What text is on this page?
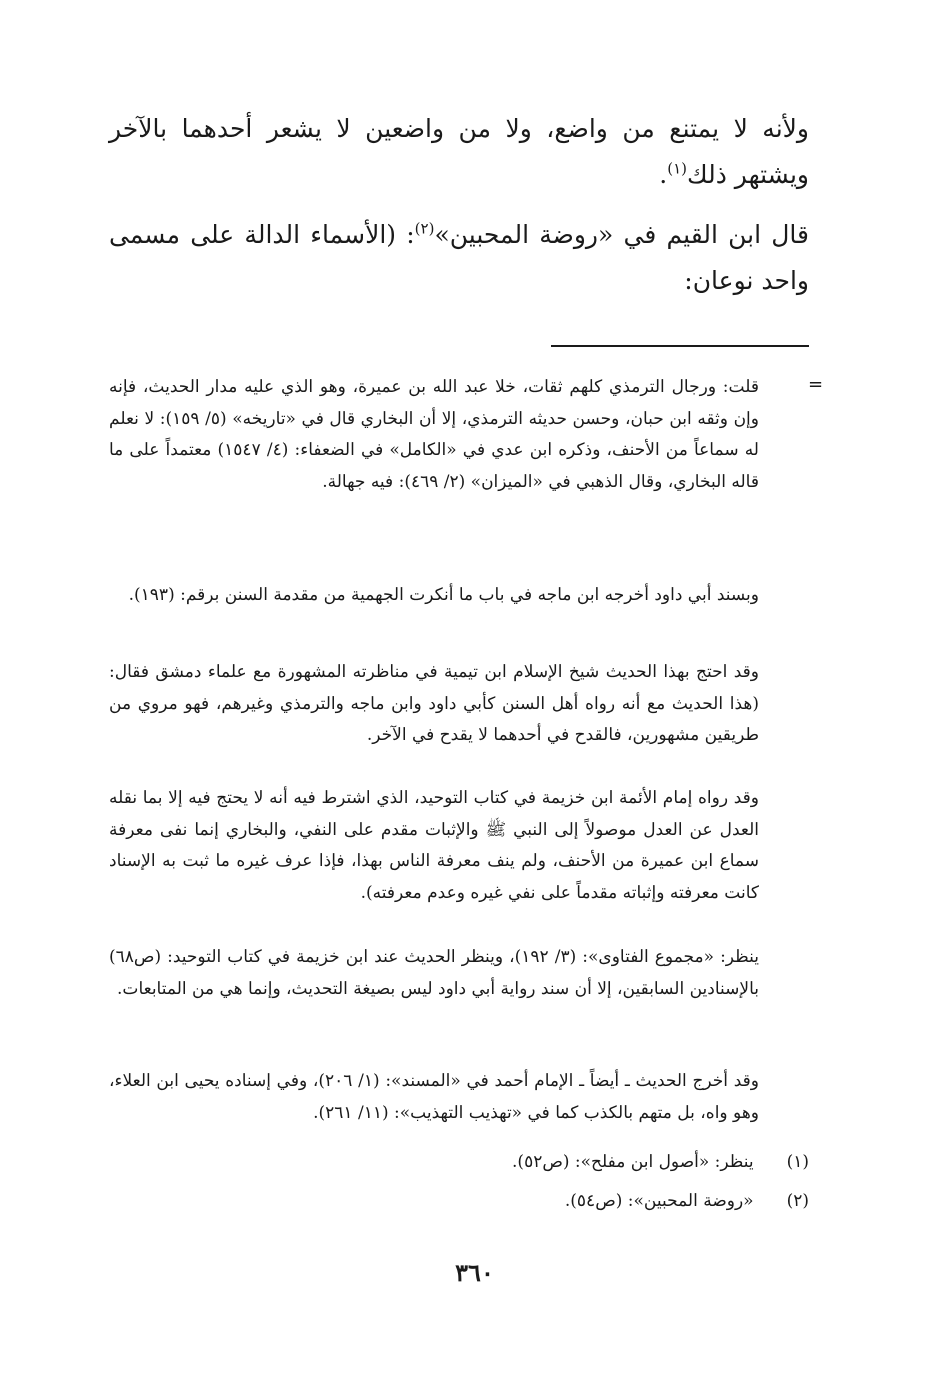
ولأنه لا يمتنع من واضع، ولا من واضعين لا يشعر أحدهما بالآخر ويشتهر ذلك$^{(١)}$.

قال ابن القيم في «روضة المحبين»$^{(٢)}$: (الأسماء الدالة على مسمى واحد نوعان:

=

قلت: ورجال الترمذي كلهم ثقات، خلا عبد الله بن عميرة، وهو الذي عليه مدار الحديث، فإنه وإن وثقه ابن حبان، وحسن حديثه الترمذي، إلا أن البخاري قال في «تاريخه» (٥/ ١٥٩): لا نعلم له سماعاً من الأحنف، وذكره ابن عدي في «الكامل» في الضعفاء: (٤/ ١٥٤٧) معتمداً على ما قاله البخاري، وقال الذهبي في «الميزان» (٢/ ٤٦٩): فيه جهالة.

وبسند أبي داود أخرجه ابن ماجه في باب ما أنكرت الجهمية من مقدمة السنن برقم: (١٩٣).

وقد احتج بهذا الحديث شيخ الإسلام ابن تيمية في مناظرته المشهورة مع علماء دمشق فقال: (هذا الحديث مع أنه رواه أهل السنن كأبي داود وابن ماجه والترمذي وغيرهم، فهو مروي من طريقين مشهورين، فالقدح في أحدهما لا يقدح في الآخر.

وقد رواه إمام الأئمة ابن خزيمة في كتاب التوحيد، الذي اشترط فيه أنه لا يحتج فيه إلا بما نقله العدل عن العدل موصولاً إلى النبي ﷺ والإثبات مقدم على النفي، والبخاري إنما نفى معرفة سماع ابن عميرة من الأحنف، ولم ينف معرفة الناس بهذا، فإذا عرف غيره ما ثبت به الإسناد كانت معرفته وإثباته مقدماً على نفي غيره وعدم معرفته).

ينظر: «مجموع الفتاوى»: (٣/ ١٩٢)، وينظر الحديث عند ابن خزيمة في كتاب التوحيد: (ص٦٨) بالإسنادين السابقين، إلا أن سند رواية أبي داود ليس بصيغة التحديث، وإنما هي من المتابعات.

وقد أخرج الحديث ـ أيضاً ـ الإمام أحمد في «المسند»: (١/ ٢٠٦)، وفي إسناده يحيى ابن العلاء، وهو واه، بل متهم بالكذب كما في «تهذيب التهذيب»: (١١/ ٢٦١).

(١) ينظر: «أصول ابن مفلح»: (ص٥٢).
(٢) «روضة المحبين»: (ص٥٤).
٣٦٠
